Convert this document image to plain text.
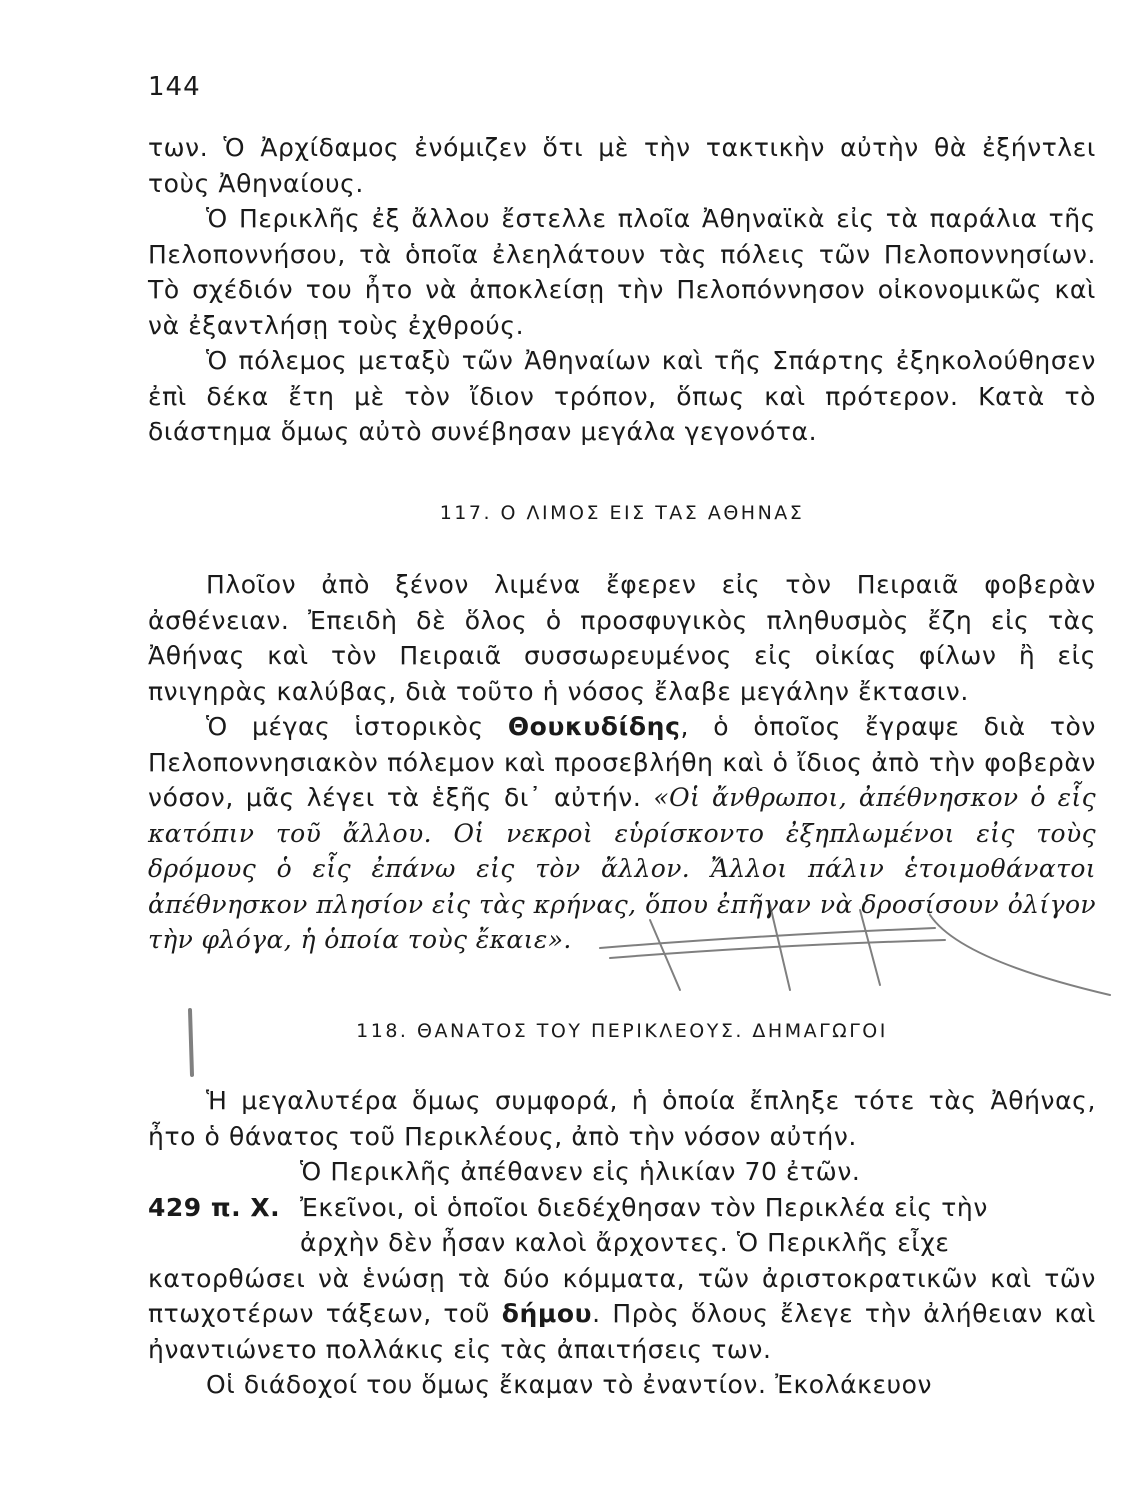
144

των. Ὁ Ἀρχίδαμος ἐνόμιζεν ὅτι μὲ τὴν τακτικὴν αὐτὴν θὰ ἐξήντλει τοὺς Ἀθηναίους.

Ὁ Περικλῆς ἐξ ἄλλου ἔστελλε πλοῖα Ἀθηναϊκὰ εἰς τὰ παράλια τῆς Πελοποννήσου, τὰ ὁποῖα ἐλεηλάτουν τὰς πόλεις τῶν Πελοποννησίων. Τὸ σχέδιόν του ἦτο νὰ ἀποκλείσῃ τὴν Πελοπόννησον οἰκονομικῶς καὶ νὰ ἐξαντλήσῃ τοὺς ἐχθρούς.

Ὁ πόλεμος μεταξὺ τῶν Ἀθηναίων καὶ τῆς Σπάρτης ἐξηκολούθησεν ἐπὶ δέκα ἔτη μὲ τὸν ἴδιον τρόπον, ὅπως καὶ πρότερον. Κατὰ τὸ διάστημα ὅμως αὐτὸ συνέβησαν μεγάλα γεγονότα.

117. Ο ΛΙΜΟΣ ΕΙΣ ΤΑΣ ΑΘΗΝΑΣ

Πλοῖον ἀπὸ ξένον λιμένα ἔφερεν εἰς τὸν Πειραιᾶ φοβερὰν ἀσθένειαν. Ἐπειδὴ δὲ ὅλος ὁ προσφυγικὸς πληθυσμὸς ἔζη εἰς τὰς Ἀθήνας καὶ τὸν Πειραιᾶ συσσωρευμένος εἰς οἰκίας φίλων ἢ εἰς πνιγηρὰς καλύβας, διὰ τοῦτο ἡ νόσος ἔλαβε μεγάλην ἔκτασιν.

Ὁ μέγας ἱστορικὸς Θουκυδίδης, ὁ ὁποῖος ἔγραψε διὰ τὸν Πελοποννησιακὸν πόλεμον καὶ προσεβλήθη καὶ ὁ ἴδιος ἀπὸ τὴν φοβερὰν νόσον, μᾶς λέγει τὰ ἑξῆς δι᾽ αὐτήν. «Οἱ ἄνθρωποι, ἀπέθνησκον ὁ εἷς κατόπιν τοῦ ἄλλου. Οἱ νεκροὶ εὑρίσκοντο ἐξηπλωμένοι εἰς τοὺς δρόμους ὁ εἷς ἐπάνω εἰς τὸν ἄλλον. Ἄλλοι πάλιν ἑτοιμοθάνατοι ἀπέθνησκον πλησίον εἰς τὰς κρήνας, ὅπου ἐπῆγαν νὰ δροσίσουν ὀλίγον τὴν φλόγα, ἡ ὁποία τοὺς ἔκαιε».

118. ΘΑΝΑΤΟΣ ΤΟΥ ΠΕΡΙΚΛΕΟΥΣ. ΔΗΜΑΓΩΓΟΙ

Ἡ μεγαλυτέρα ὅμως συμφορά, ἡ ὁποία ἔπληξε τότε τὰς Ἀθήνας, ἦτο ὁ θάνατος τοῦ Περικλέους, ἀπὸ τὴν νόσον αὐτήν.

Ὁ Περικλῆς ἀπέθανεν εἰς ἡλικίαν 70 ἐτῶν.

429 π. Χ. Ἐκεῖνοι, οἱ ὁποῖοι διεδέχθησαν τὸν Περικλέα εἰς τὴν

ἀρχὴν δὲν ἦσαν καλοὶ ἄρχοντες. Ὁ Περικλῆς εἶχε

κατορθώσει νὰ ἑνώσῃ τὰ δύο κόμματα, τῶν ἀριστοκρατικῶν καὶ τῶν πτωχοτέρων τάξεων, τοῦ δήμου. Πρὸς ὅλους ἔλεγε τὴν ἀλήθειαν καὶ ἠναντιώνετο πολλάκις εἰς τὰς ἀπαιτήσεις των.

Οἱ διάδοχοί του ὅμως ἔκαμαν τὸ ἐναντίον. Ἐκολάκευον
